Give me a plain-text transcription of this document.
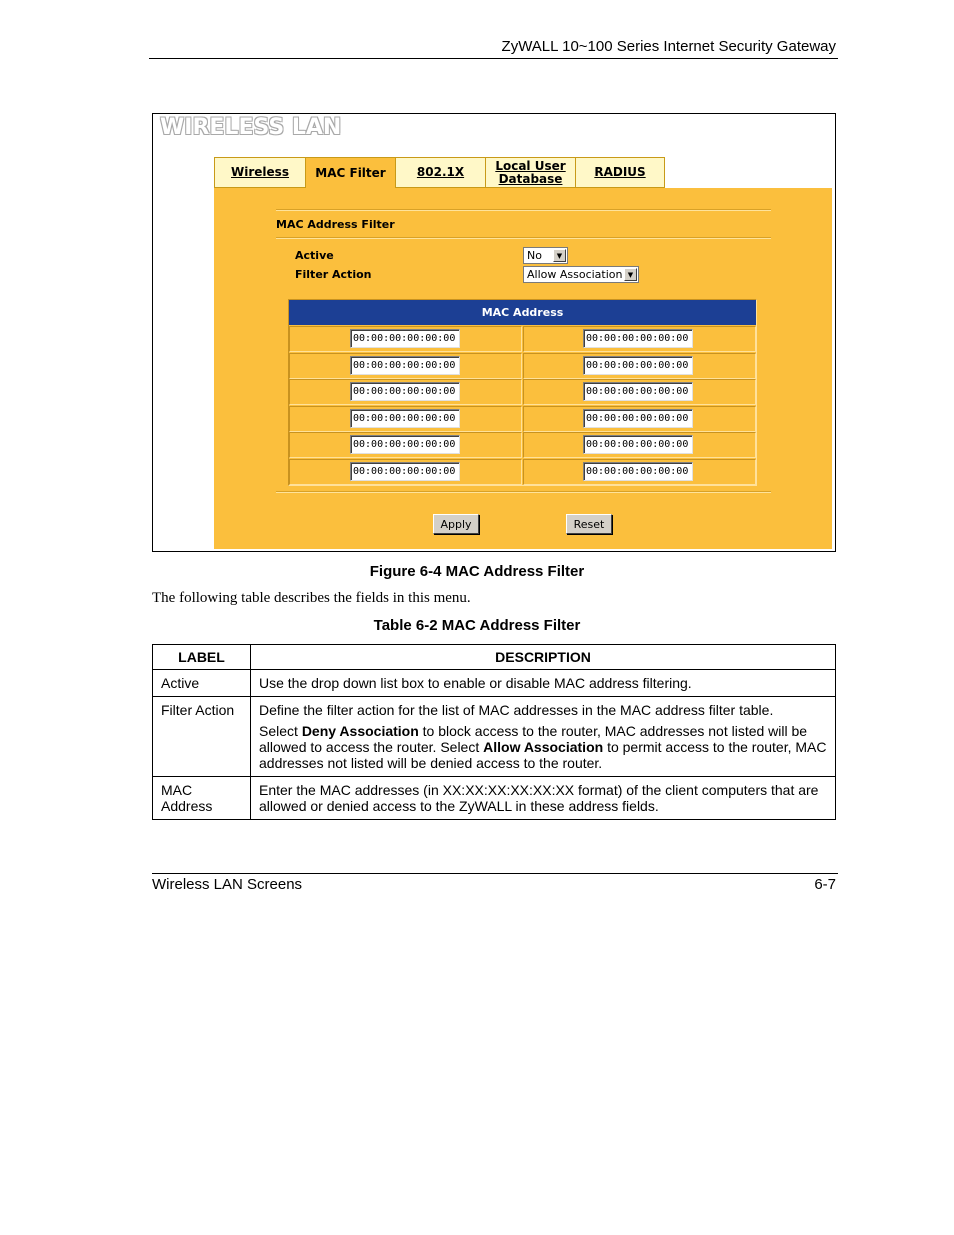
ZyWALL 10~100 Series Internet Security Gateway
WIRELESS LAN
Wireless MAC Filter	802.1X	Local User
Database	RADIUS
MAC Address Filter
Active	No	▼
Filter Action	Allow Association ▼
MAC Address
00:00:00:00:00:00	00:00:00:00:00:00
00:00:00:00:00:00	00:00:00:00:00:00
00:00:00:00:00:00	00:00:00:00:00:00
00:00:00:00:00:00	00:00:00:00:00:00
00:00:00:00:00:00	00:00:00:00:00:00
00:00:00:00:00:00	00:00:00:00:00:00
Apply	Reset
Figure 6-4 MAC Address Filter
The following table describes the fields in this menu.
Table 6-2 MAC Address Filter
LABEL	DESCRIPTION
Active	Use the drop down list box to enable or disable MAC address filtering.
Filter Action	Define the filter action for the list of MAC addresses in the MAC address filter table.

Select Deny Association to block access to the router, MAC addresses not listed will be allowed to access the router. Select Allow Association to permit access to the router, MAC addresses not listed will be denied access to the router.

MAC
Address	Enter the MAC addresses (in XX:XX:XX:XX:XX:XX format) of the client computers that are allowed or denied access to the ZyWALL in these address fields.
Wireless LAN Screens	6-7
